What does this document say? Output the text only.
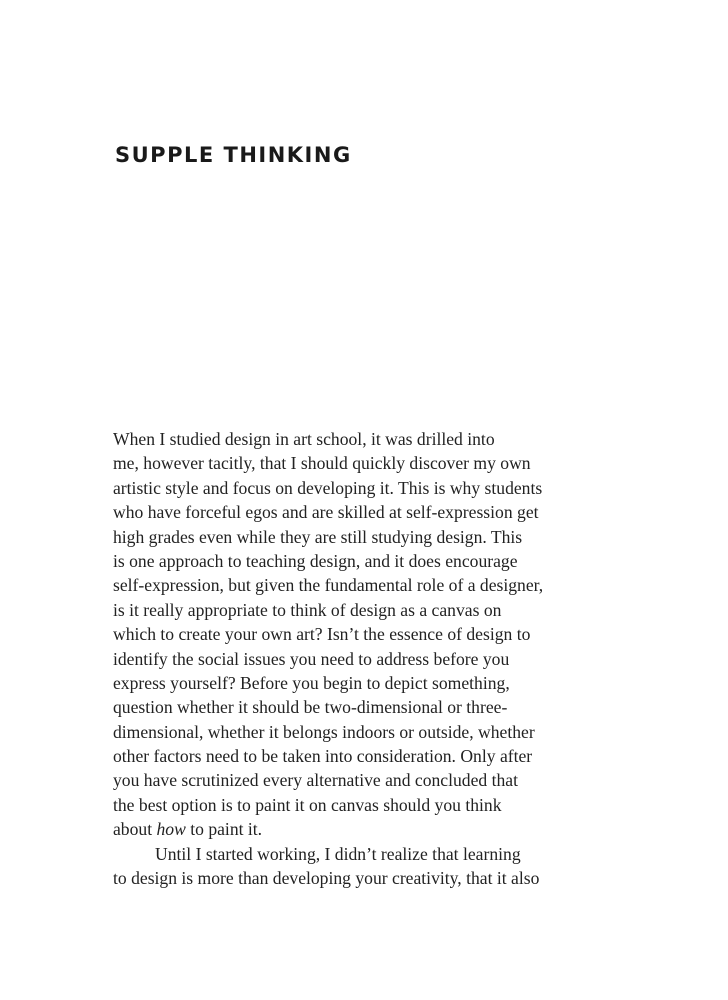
SUPPLE THINKING
When I studied design in art school, it was drilled into
me, however tacitly, that I should quickly discover my own
artistic style and focus on developing it. This is why students
who have forceful egos and are skilled at self-expression get
high grades even while they are still studying design. This
is one approach to teaching design, and it does encourage
self-expression, but given the fundamental role of a designer,
is it really appropriate to think of design as a canvas on
which to create your own art? Isn’t the essence of design to
identify the social issues you need to address before you
express yourself? Before you begin to depict something,
question whether it should be two-dimensional or three-
dimensional, whether it belongs indoors or outside, whether
other factors need to be taken into consideration. Only after
you have scrutinized every alternative and concluded that
the best option is to paint it on canvas should you think
about how to paint it.
Until I started working, I didn’t realize that learning
to design is more than developing your creativity, that it also
